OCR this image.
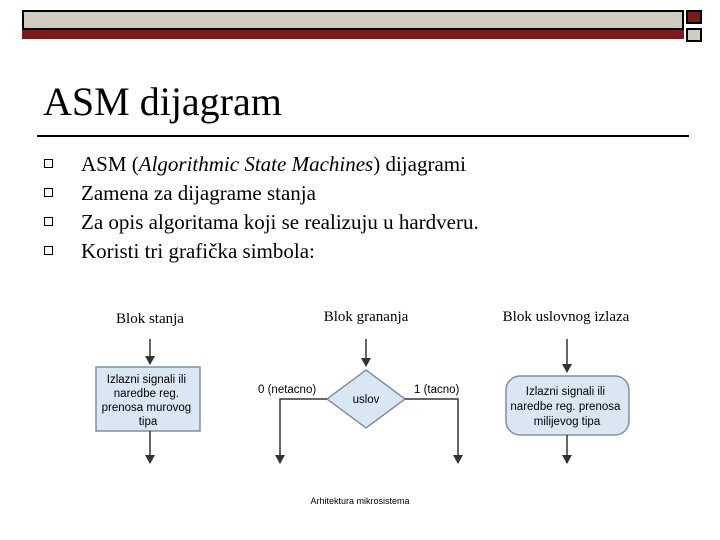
ASM dijagram
ASM (Algorithmic State Machines) dijagrami
Zamena za dijagrame stanja
Za opis algoritama koji se realizuju u hardveru.
Koristi tri grafička simbola:
Blok stanja	Blok grananja	Blok uslovnog izlaza
Izlazni signali ili naredbe reg. prenosa murovog tipa
uslov
0 (netacno)	1 (tacno)	Izlazni signali ili naredbe reg. prenosa milijevog tipa
Arhitektura mikrosistema
